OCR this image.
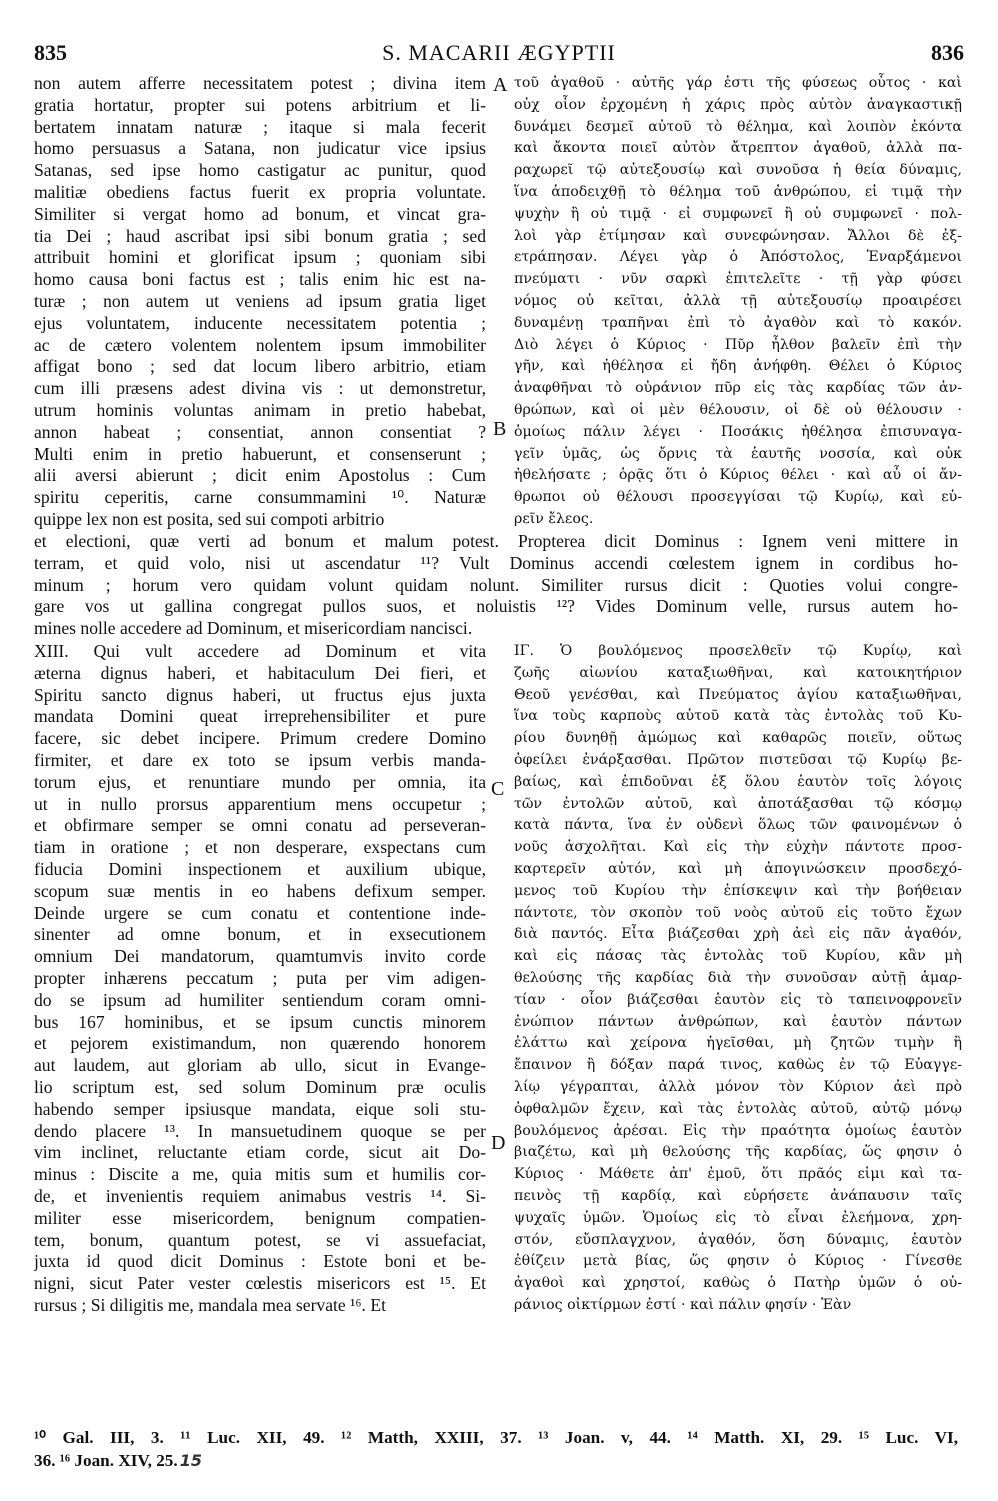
835	S. MACARII ÆGYPTII	836
A
B
C
D
non autem afferre necessitatem potest ; divina item
gratia hortatur, propter sui potens arbitrium et li-
bertatem innatam naturæ ; itaque si mala fecerit
homo persuasus a Satana, non judicatur vice ipsius
Satanas, sed ipse homo castigatur ac punitur, quod
malitiæ obediens factus fuerit ex propria voluntate.
Similiter si vergat homo ad bonum, et vincat gra-
tia Dei ; haud ascribat ipsi sibi bonum gratia ; sed
attribuit homini et glorificat ipsum ; quoniam sibi
homo causa boni factus est ; talis enim hic est na-
turæ ; non autem ut veniens ad ipsum gratia liget
ejus voluntatem, inducente necessitatem potentia ;
ac de cætero volentem nolentem ipsum immobiliter
affigat bono ; sed dat locum libero arbitrio, etiam
cum illi præsens adest divina vis : ut demonstretur,
utrum hominis voluntas animam in pretio habebat,
annon habeat ; consentiat, annon consentiat ?
Multi enim in pretio habuerunt, et consenserunt ;
alii aversi abierunt ; dicit enim Apostolus : Cum
spiritu ceperitis, carne consummamini ¹⁰. Naturæ
quippe lex non est posita, sed sui compoti arbitrio
τοῦ ἀγαθοῦ · αὐτῆς γάρ ἐστι τῆς φύσεως οὗτος · καὶ
οὐχ οἷον ἐρχομένη ἡ χάρις πρὸς αὐτὸν ἀναγκαστικῇ
δυνάμει δεσμεῖ αὐτοῦ τὸ θέλημα, καὶ λοιπὸν ἑκόντα
καὶ ἄκοντα ποιεῖ αὐτὸν ἄτρεπτον ἀγαθοῦ, ἀλλὰ πα-
ραχωρεῖ τῷ αὐτεξουσίῳ καὶ συνοῦσα ἡ θεία δύναμις,
ἵνα ἀποδειχθῇ τὸ θέλημα τοῦ ἀνθρώπου, εἰ τιμᾷ τὴν
ψυχὴν ἢ οὐ τιμᾷ · εἰ συμφωνεῖ ἢ οὐ συμφωνεῖ · πολ-
λοὶ γὰρ ἐτίμησαν καὶ συνεφώνησαν. Ἄλλοι δὲ ἐξ-
ετράπησαν. Λέγει γὰρ ὁ Ἀπόστολος, Ἐναρξάμενοι
πνεύματι · νῦν σαρκὶ ἐπιτελεῖτε · τῇ γὰρ φύσει
νόμος οὐ κεῖται, ἀλλὰ τῇ αὐτεξουσίῳ προαιρέσει
δυναμένῃ τραπῆναι ἐπὶ τὸ ἀγαθὸν καὶ τὸ κακόν.
Διὸ λέγει ὁ Κύριος · Πῦρ ἦλθον βαλεῖν ἐπὶ τὴν
γῆν, καὶ ἠθέλησα εἰ ἤδη ἀνήφθη. Θέλει ὁ Κύριος
ἀναφθῆναι τὸ οὐράνιον πῦρ εἰς τὰς καρδίας τῶν ἀν-
θρώπων, καὶ οἱ μὲν θέλουσιν, οἱ δὲ οὐ θέλουσιν ·
ὁμοίως πάλιν λέγει · Ποσάκις ἠθέλησα ἐπισυναγα-
γεῖν ὑμᾶς, ὡς ὄρνις τὰ ἑαυτῆς νοσσία, καὶ οὐκ
ἠθελήσατε ; ὁρᾷς ὅτι ὁ Κύριος θέλει · καὶ αὖ οἱ ἄν-
θρωποι οὐ θέλουσι προσεγγίσαι τῷ Κυρίῳ, καὶ εὑ-
ρεῖν ἔλεος.
et electioni, quæ verti ad bonum et malum potest. Propterea dicit Dominus : Ignem veni mittere in
terram, et quid volo, nisi ut ascendatur ¹¹? Vult Dominus accendi cœlestem ignem in cordibus ho-
minum ; horum vero quidam volunt quidam nolunt. Similiter rursus dicit : Quoties volui congre-
gare vos ut gallina congregat pullos suos, et noluistis ¹²? Vides Dominum velle, rursus autem ho-
mines nolle accedere ad Dominum, et misericordiam nancisci.
XIII. Qui vult accedere ad Dominum et vita
æterna dignus haberi, et habitaculum Dei fieri, et
Spiritu sancto dignus haberi, ut fructus ejus juxta
mandata Domini queat irreprehensibiliter et pure
facere, sic debet incipere. Primum credere Domino
firmiter, et dare ex toto se ipsum verbis manda-
torum ejus, et renuntiare mundo per omnia, ita
ut in nullo prorsus apparentium mens occupetur ;
et obfirmare semper se omni conatu ad perseveran-
tiam in oratione ; et non desperare, exspectans cum
fiducia Domini inspectionem et auxilium ubique,
scopum suæ mentis in eo habens defixum semper.
Deinde urgere se cum conatu et contentione inde-
sinenter ad omne bonum, et in exsecutionem
omnium Dei mandatorum, quamtumvis invito corde
propter inhærens peccatum ; puta per vim adigen-
do se ipsum ad humiliter sentiendum coram omni-
bus 167 hominibus, et se ipsum cunctis minorem
et pejorem existimandum, non quærendo honorem
aut laudem, aut gloriam ab ullo, sicut in Evange-
lio scriptum est, sed solum Dominum præ oculis
habendo semper ipsiusque mandata, eique soli stu-
dendo placere ¹³. In mansuetudinem quoque se per
vim inclinet, reluctante etiam corde, sicut ait Do-
minus : Discite a me, quia mitis sum et humilis cor-
de, et invenientis requiem animabus vestris ¹⁴. Si-
militer esse misericordem, benignum compatien-
tem, bonum, quantum potest, se vi assuefaciat,
juxta id quod dicit Dominus : Estote boni et be-
nigni, sicut Pater vester cœlestis misericors est ¹⁵. Et
rursus ; Si diligitis me, mandala mea servate ¹⁶. Et
ΙΓ. Ὁ βουλόμενος προσελθεῖν τῷ Κυρίῳ, καὶ
ζωῆς αἰωνίου καταξιωθῆναι, καὶ κατοικητήριον
Θεοῦ γενέσθαι, καὶ Πνεύματος ἁγίου καταξιωθῆναι,
ἵνα τοὺς καρποὺς αὐτοῦ κατὰ τὰς ἐντολὰς τοῦ Κυ-
ρίου δυνηθῇ ἀμώμως καὶ καθαρῶς ποιεῖν, οὕτως
ὀφείλει ἐνάρξασθαι. Πρῶτον πιστεῦσαι τῷ Κυρίῳ βε-
βαίως, καὶ ἐπιδοῦναι ἐξ ὅλου ἑαυτὸν τοῖς λόγοις
τῶν ἐντολῶν αὐτοῦ, καὶ ἀποτάξασθαι τῷ κόσμῳ
κατὰ πάντα, ἵνα ἐν οὐδενὶ ὅλως τῶν φαινομένων ὁ
νοῦς ἀσχολῆται. Καὶ εἰς τὴν εὐχὴν πάντοτε προσ-
καρτερεῖν αὐτόν, καὶ μὴ ἀπογινώσκειν προσδεχό-
μενος τοῦ Κυρίου τὴν ἐπίσκεψιν καὶ τὴν βοήθειαν
πάντοτε, τὸν σκοπὸν τοῦ νοὸς αὐτοῦ εἰς τοῦτο ἔχων
διὰ παντός. Εἶτα βιάζεσθαι χρὴ ἀεὶ εἰς πᾶν ἀγαθόν,
καὶ εἰς πάσας τὰς ἐντολὰς τοῦ Κυρίου, κἂν μὴ
θελούσης τῆς καρδίας διὰ τὴν συνοῦσαν αὐτῇ ἁμαρ-
τίαν · οἷον βιάζεσθαι ἑαυτὸν εἰς τὸ ταπεινοφρονεῖν
ἐνώπιον πάντων ἀνθρώπων, καὶ ἑαυτὸν πάντων
ἐλάττω καὶ χείρονα ἡγεῖσθαι, μὴ ζητῶν τιμὴν ἢ
ἔπαινον ἢ δόξαν παρά τινος, καθὼς ἐν τῷ Εὐαγγε-
λίῳ γέγραπται, ἀλλὰ μόνον τὸν Κύριον ἀεὶ πρὸ
ὀφθαλμῶν ἔχειν, καὶ τὰς ἐντολὰς αὐτοῦ, αὐτῷ μόνῳ
βουλόμενος ἀρέσαι. Εἰς τὴν πραότητα ὁμοίως ἑαυτὸν
βιαζέτω, καὶ μὴ θελούσης τῆς καρδίας, ὥς φησιν ὁ
Κύριος · Μάθετε ἀπ' ἐμοῦ, ὅτι πρᾶός εἰμι καὶ τα-
πεινὸς τῇ καρδίᾳ, καὶ εὑρήσετε ἀνάπαυσιν ταῖς
ψυχαῖς ὑμῶν. Ὁμοίως εἰς τὸ εἶναι ἐλεήμονα, χρη-
στόν, εὔσπλαγχνον, ἀγαθόν, ὅση δύναμις, ἑαυτὸν
ἐθίζειν μετὰ βίας, ὥς φησιν ὁ Κύριος · Γίνεσθε
ἀγαθοὶ καὶ χρηστοί, καθὼς ὁ Πατὴρ ὑμῶν ὁ οὐ-
ράνιος οἰκτίρμων ἐστί · καὶ πάλιν φησίν · Ἐὰν
¹⁰ Gal. III, 3. ¹¹ Luc. XII, 49. ¹² Matth, XXIII, 37. ¹³ Joan. v, 44. ¹⁴ Matth. XI, 29. ¹⁵ Luc. VI,
36. ¹⁶ Joan. XIV, 25. 15
